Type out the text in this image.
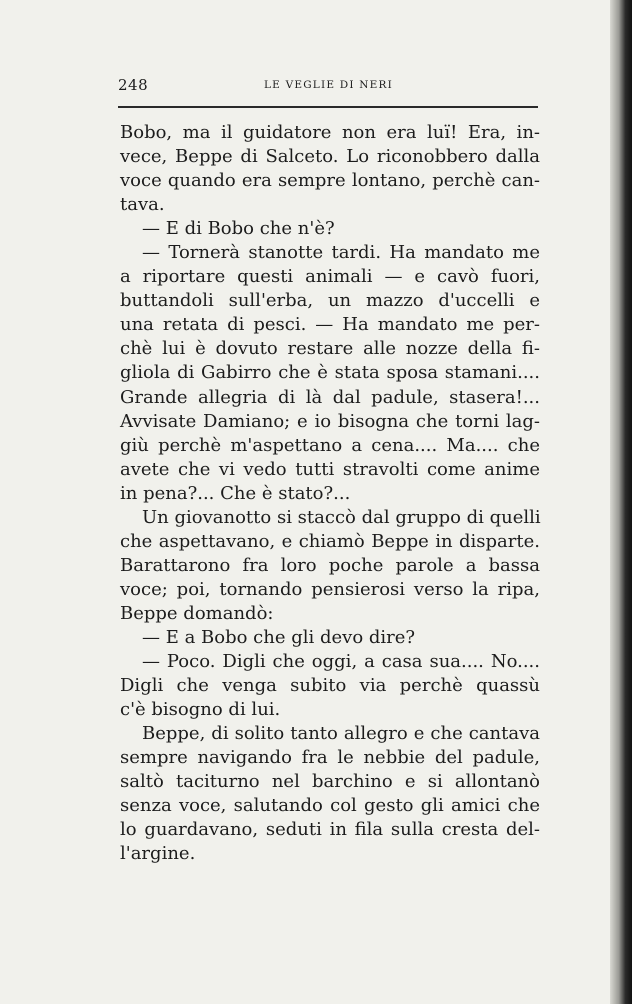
248	LE VEGLIE DI NERI
Bobo, ma il guidatore non era luï! Era, in-
vece, Beppe di Salceto. Lo riconobbero dalla
voce quando era sempre lontano, perchè can-
tava.
— E di Bobo che n'è?
— Tornerà stanotte tardi. Ha mandato me
a riportare questi animali — e cavò fuori,
buttandoli sull'erba, un mazzo d'uccelli e
una retata di pesci. — Ha mandato me per-
chè lui è dovuto restare alle nozze della fi-
gliola di Gabirro che è stata sposa stamani....
Grande allegria di là dal padule, stasera!...
Avvisate Damiano; e io bisogna che torni lag-
giù perchè m'aspettano a cena.... Ma.... che
avete che vi vedo tutti stravolti come anime
in pena?... Che è stato?...
Un giovanotto si staccò dal gruppo di quelli
che aspettavano, e chiamò Beppe in disparte.
Barattarono fra loro poche parole a bassa
voce; poi, tornando pensierosi verso la ripa,
Beppe domandò:
— E a Bobo che gli devo dire?
— Poco. Digli che oggi, a casa sua.... No....
Digli che venga subito via perchè quassù
c'è bisogno di lui.
Beppe, di solito tanto allegro e che cantava
sempre navigando fra le nebbie del padule,
saltò taciturno nel barchino e si allontanò
senza voce, salutando col gesto gli amici che
lo guardavano, seduti in fila sulla cresta del-
l'argine.
